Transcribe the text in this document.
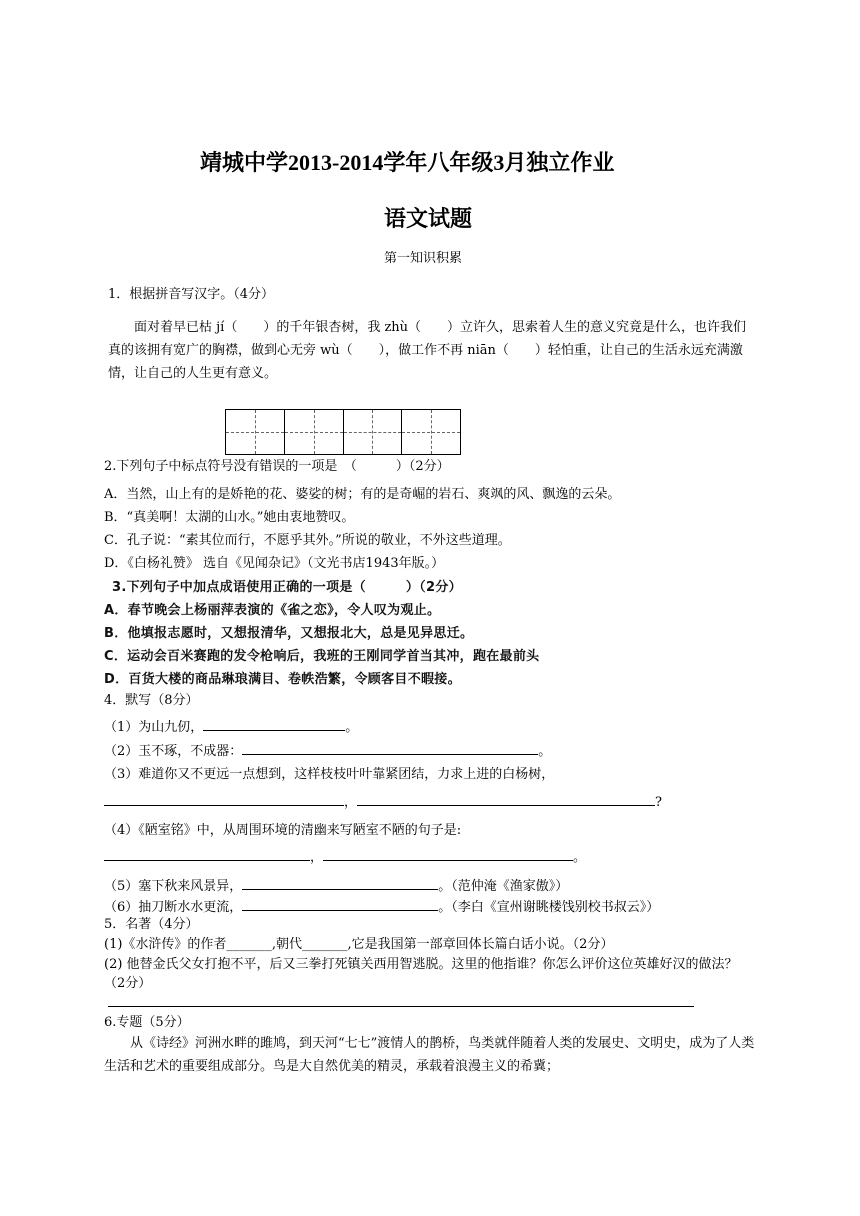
靖城中学2013-2014学年八年级3月独立作业
语文试题
第一知识积累
1．根据拼音写汉字。（4分）
面对着早已枯 jí（　　）的千年银杏树，我 zhù（　　）立许久，思索着人生的意义究竟是什么，也许我们真的该拥有宽广的胸襟，做到心无旁 wù（　　），做工作不再 niān（　　）轻怕重，让自己的生活永远充满激情，让自己的人生更有意义。
2.下列句子中标点符号没有错误的一项是　（　　　）（2分）
A．当然，山上有的是娇艳的花、婆娑的树；有的是奇崛的岩石、爽飒的风、飘逸的云朵。
B．“真美啊！太湖的山水。”她由衷地赞叹。
C．孔子说：“素其位而行，不愿乎其外。”所说的敬业，不外这些道理。
D．《白杨礼赞》 选自《见闻杂记》（文光书店1943年版。）
3.下列句子中加点成语使用正确的一项是（　　　）（2分）
A．春节晚会上杨丽萍表演的《雀之恋》，令人叹为观止。
B．他填报志愿时，又想报清华，又想报北大，总是见异思迁。
C．运动会百米赛跑的发令枪响后，我班的王刚同学首当其冲，跑在最前头
D．百货大楼的商品琳琅满目、卷帙浩繁，令顾客目不暇接。
4．默写（8分）
（1）为山九仞，	。
（2）玉不琢，不成器：	。
（3）难道你又不更远一点想到，这样枝枝叶叶靠紧团结，力求上进的白杨树，
，	?
（4）《陋室铭》中，从周围环境的清幽来写陋室不陋的句子是:
，	。
（5）塞下秋来风景异，	。（范仲淹《渔家傲》）
（6）抽刀断水水更流，	。（李白《宣州谢眺楼饯别校书叔云》）
5．名著（4分）
(1)《水浒传》的作者_______,朝代_______,它是我国第一部章回体长篇白话小说。（2分）
(2) 他替金氏父女打抱不平，后又三拳打死镇关西用智逃脱。这里的他指谁？你怎么评价这位英雄好汉的做法？（2分）
6.专题（5分）
从《诗经》河洲水畔的雎鸠，到天河“七七”渡情人的鹊桥，鸟类就伴随着人类的发展史、文明史，成为了人类生活和艺术的重要组成部分。鸟是大自然优美的精灵，承载着浪漫主义的希冀；
